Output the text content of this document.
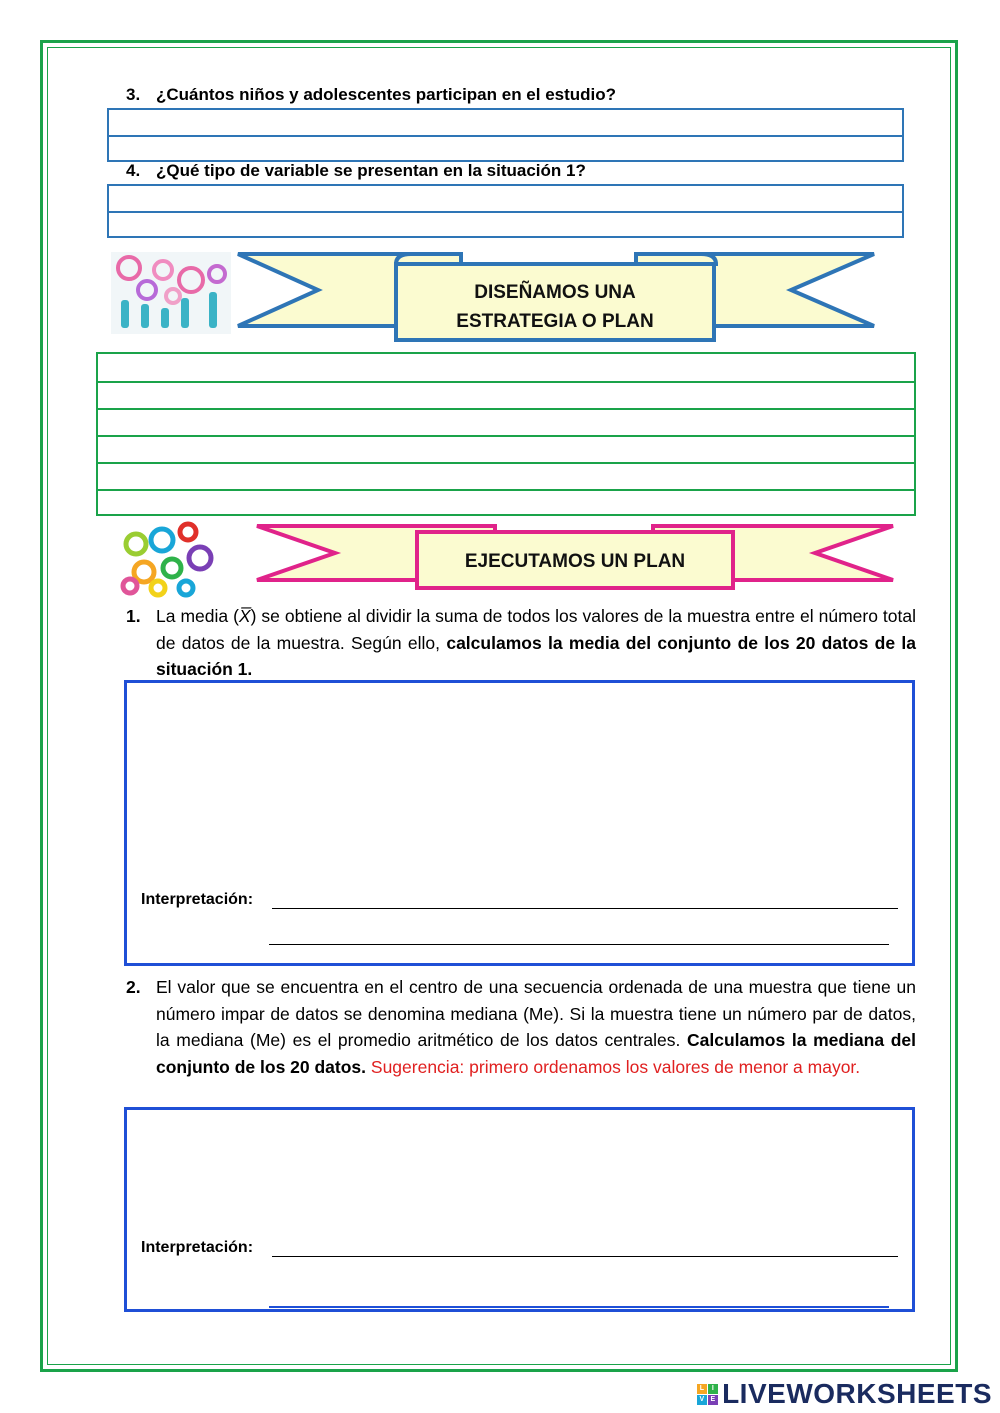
3. ¿Cuántos niños y adolescentes participan en el estudio?
4. ¿Qué tipo de variable se presentan en la situación 1?
DISEÑAMOS UNA
ESTRATEGIA O PLAN
EJECUTAMOS UN PLAN
1. La media (X̅) se obtiene al dividir la suma de todos los valores de la muestra entre el número total de datos de la muestra. Según ello, calculamos la media del conjunto de los 20 datos de la situación 1.
Interpretación:
2. El valor que se encuentra en el centro de una secuencia ordenada de una muestra que tiene un número impar de datos se denomina mediana (Me). Si la muestra tiene un número par de datos, la mediana (Me) es el promedio aritmético de los datos centrales. Calculamos la mediana del conjunto de los 20 datos. Sugerencia: primero ordenamos los valores de menor a mayor.
Interpretación:
L	I
V E LIVEWORKSHEETS
